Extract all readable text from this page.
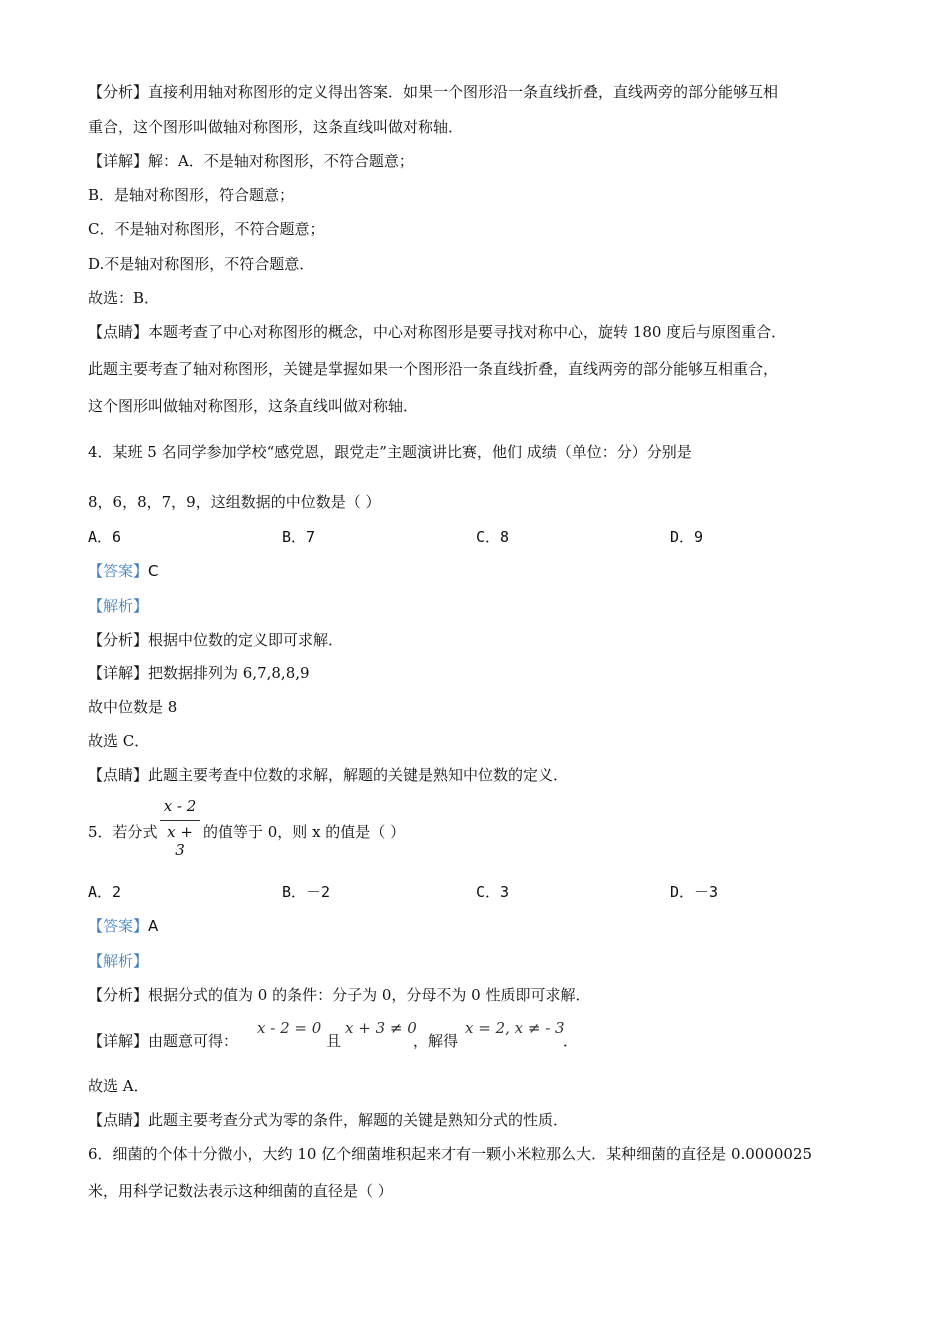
【分析】直接利用轴对称图形的定义得出答案．如果一个图形沿一条直线折叠，直线两旁的部分能够互相
重合，这个图形叫做轴对称图形，这条直线叫做对称轴．
【详解】解：A．不是轴对称图形，不符合题意；
B．是轴对称图形，符合题意；
C．不是轴对称图形，不符合题意；
D.不是轴对称图形，不符合题意．
故选：B．
【点睛】本题考查了中心对称图形的概念，中心对称图形是要寻找对称中心，旋转 180 度后与原图重合．
此题主要考查了轴对称图形，关键是掌握如果一个图形沿一条直线折叠，直线两旁的部分能够互相重合，
这个图形叫做轴对称图形，这条直线叫做对称轴．
4．某班 5 名同学参加学校“感党恩，跟党走”主题演讲比赛，他们 成绩（单位：分）分别是
8，6，8，7，9，这组数据的中位数是（ ）
A．6	B．7	C．8	D．9
【答案】C
【解析】
【分析】根据中位数的定义即可求解．
【详解】把数据排列为 6,7,8,8,9
故中位数是 8
故选 C．
【点睛】此题主要考查中位数的求解，解题的关键是熟知中位数的定义．
5．若分式
x - 2
x + 3
的值等于 0，则 x 的值是（ ）
A．2	B．－2	C．3	D．－3
【答案】A
【解析】
【分析】根据分式的值为 0 的条件：分子为 0，分母不为 0 性质即可求解．
【详解】由题意可得：
x - 2 = 0
且
x + 3 ≠ 0
，解得
x = 2, x ≠ - 3
．
故选 A．
【点睛】此题主要考查分式为零的条件，解题的关键是熟知分式的性质．
6．细菌的个体十分微小，大约 10 亿个细菌堆积起来才有一颗小米粒那么大．某种细菌的直径是 0.0000025
米，用科学记数法表示这种细菌的直径是（ ）
